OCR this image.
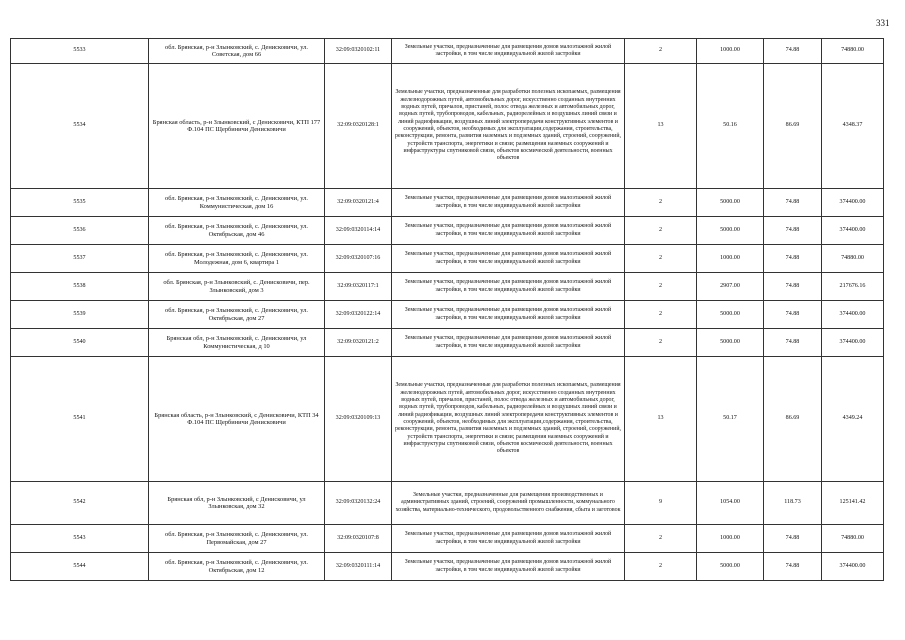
331
5533	обл. Брянская, р-н Злынковский, с. Денисковичи, ул. Советская, дом 66	32:09:0320102:11	Земельные участки, предназначенные для размещения домов малоэтажной жилой застройки, в том числе индивидуальной жилой застройки	2	1000.00	74.88	74880.00
5534	Брянская область, р-н Злынковский, с Денисковичи, КТП 177 Ф.104 ПС Щербиничи Денисковичи	32:09:0320128:1	Земельные участки, предназначенные для разработки полезных ископаемых, размещения железнодорожных путей, автомобильных дорог, искусственно созданных внутренних водных путей, причалов, пристаней, полос отвода железных и автомобильных дорог, водных путей, трубопроводов, кабельных, радиорелейных и воздушных линий связи и линий радиофикации, воздушных линий электропередачи конструктивных элементов и сооружений, объектов, необходимых для эксплуатации,содержания, строительства, реконструкции, ремонта, развития наземных и подземных зданий, строений, сооружений, устройств транспорта, энергетики и связи; размещения наземных сооружений и инфраструктуры спутниковой связи, объектов космической деятельности, военных объектов	13	50.16	86.69	4348.37
5535	обл. Брянская, р-н Злынковский, с. Денисковичи, ул. Коммунистическая, дом 16	32:09:0320121:4	Земельные участки, предназначенные для размещения домов малоэтажной жилой застройки, в том числе индивидуальной жилой застройки	2	5000.00	74.88	374400.00
5536	обл. Брянская, р-н Злынковский, с. Денисковичи, ул. Октябрьская, дом 46	32:09:0320114:14	Земельные участки, предназначенные для размещения домов малоэтажной жилой застройки, в том числе индивидуальной жилой застройки	2	5000.00	74.88	374400.00
5537	обл. Брянская, р-н Злынковский, с. Денисковичи, ул. Молодежная, дом 6, квартира 1	32:09:0320107:16	Земельные участки, предназначенные для размещения домов малоэтажной жилой застройки, в том числе индивидуальной жилой застройки	2	1000.00	74.88	74880.00
5538	обл. Брянская, р-н Злынковский, с. Денисковичи, пер. Злынковский, дом 3	32:09:0320117:1	Земельные участки, предназначенные для размещения домов малоэтажной жилой застройки, в том числе индивидуальной жилой застройки	2	2907.00	74.88	217676.16
5539	обл. Брянская, р-н Злынковский, с. Денисковичи, ул. Октябрьская, дом 27	32:09:0320122:14	Земельные участки, предназначенные для размещения домов малоэтажной жилой застройки, в том числе индивидуальной жилой застройки	2	5000.00	74.88	374400.00
5540	Брянская обл, р-н Злынковский, с. Денисковичи, ул Коммунистическая, д 10	32:09:0320121:2	Земельные участки, предназначенные для размещения домов малоэтажной жилой застройки, в том числе индивидуальной жилой застройки	2	5000.00	74.88	374400.00
5541	Брянская область, р-н Злынковский, с Денисковичи, КТП 34 Ф.104 ПС Щербиничи Денисковичи	32:09:0320109:13	Земельные участки, предназначенные для разработки полезных ископаемых, размещения железнодорожных путей, автомобильных дорог, искусственно созданных внутренних водных путей, причалов, пристаней, полос отвода железных и автомобильных дорог, водных путей, трубопроводов, кабельных, радиорелейных и воздушных линий связи и линий радиофикации, воздушных линий электропередачи конструктивных элементов и сооружений, объектов, необходимых для эксплуатации,содержания, строительства, реконструкции, ремонта, развития наземных и подземных зданий, строений, сооружений, устройств транспорта, энергетики и связи; размещения наземных сооружений и инфраструктуры спутниковой связи, объектов космической деятельности, военных объектов	13	50.17	86.69	4349.24
5542	Брянская обл, р-н Злынковский, с Денисковичи, ул Злынковская, дом 32	32:09:0320132:24	Земельные участки, предназначенные для размещения производственных и административных зданий, строений, сооружений промышленности, коммунального хозяйства, материально-технического, продовольственного снабжения, сбыта и заготовок	9	1054.00	118.73	125141.42
5543	обл. Брянская, р-н Злынковский, с. Денисковичи, ул. Первомайская, дом 27	32:09:0320107:8	Земельные участки, предназначенные для размещения домов малоэтажной жилой застройки, в том числе индивидуальной жилой застройки	2	1000.00	74.88	74880.00
5544	обл. Брянская, р-н Злынковский, с. Денисковичи, ул. Октябрьская, дом 12	32:09:0320111:14	Земельные участки, предназначенные для размещения домов малоэтажной жилой застройки, в том числе индивидуальной жилой застройки	2	5000.00	74.88	374400.00
